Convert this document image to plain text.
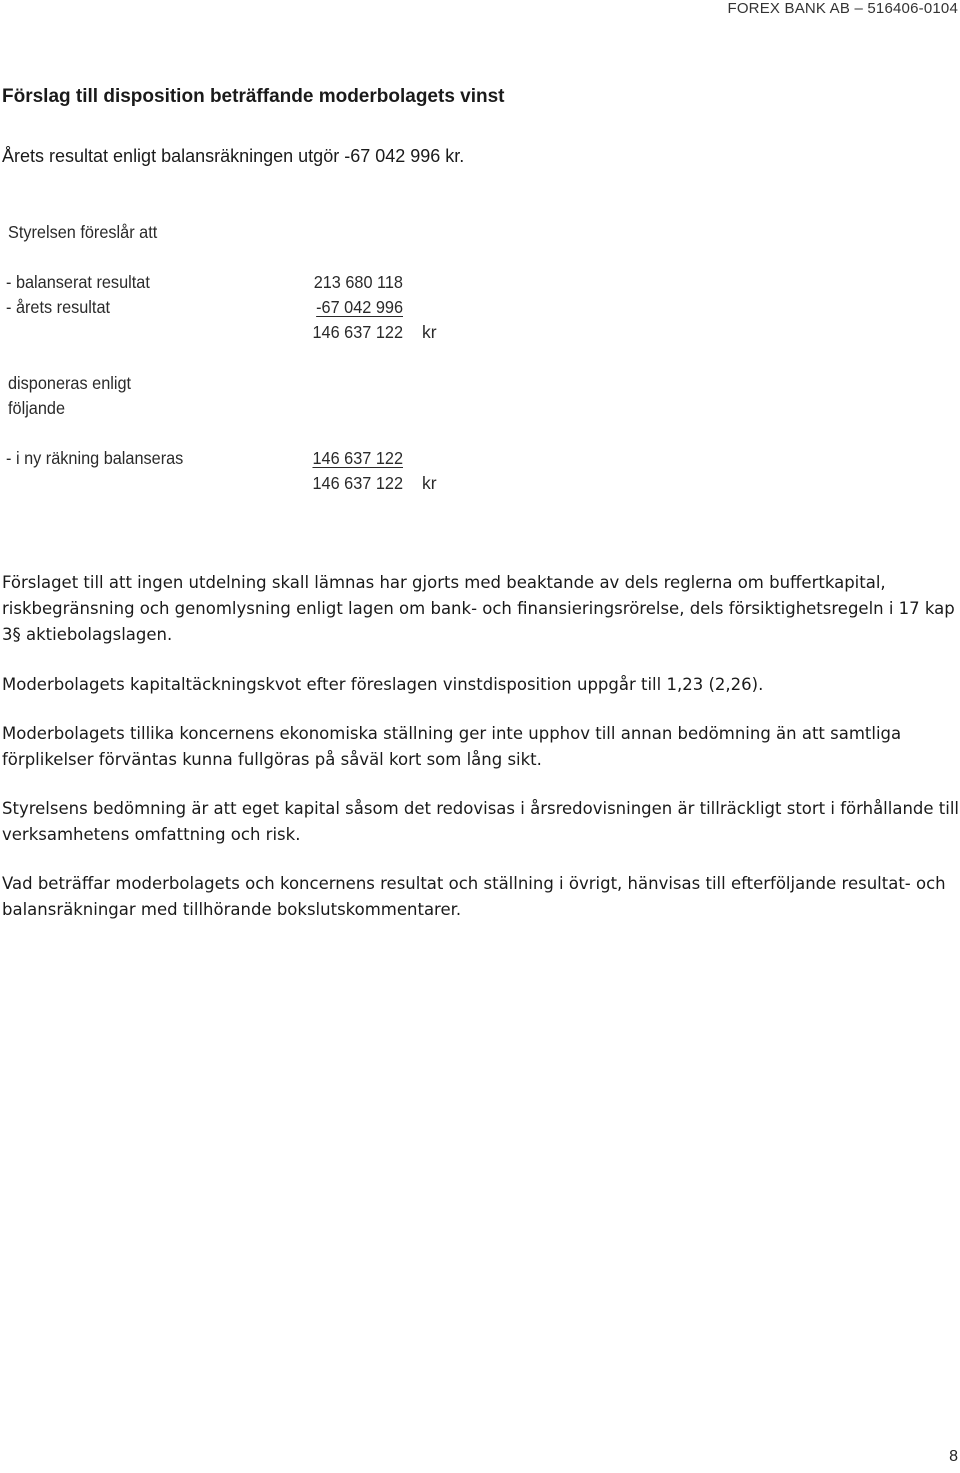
FOREX BANK AB – 516406-0104
Förslag till disposition beträffande moderbolagets vinst
Årets resultat enligt balansräkningen utgör -67 042 996 kr.
Styrelsen föreslår att
- balanserat resultat	213 680 118
- årets resultat	-67 042 996
146 637 122 kr
disponeras enligt
följande
- i ny räkning balanseras	146 637 122
146 637 122 kr

Förslaget till att ingen utdelning skall lämnas har gjorts med beaktande av dels reglerna om buffertkapital,
riskbegränsning och genomlysning enligt lagen om bank- och finansieringsrörelse, dels försiktighetsregeln i 17 kap
3§ aktiebolagslagen.

Moderbolagets kapitaltäckningskvot efter föreslagen vinstdisposition uppgår till 1,23 (2,26).

Moderbolagets tillika koncernens ekonomiska ställning ger inte upphov till annan bedömning än att samtliga
förplikelser förväntas kunna fullgöras på såväl kort som lång sikt.

Styrelsens bedömning är att eget kapital såsom det redovisas i årsredovisningen är tillräckligt stort i förhållande till
verksamhetens omfattning och risk.

Vad beträffar moderbolagets och koncernens resultat och ställning i övrigt, hänvisas till efterföljande resultat- och
balansräkningar med tillhörande bokslutskommentarer.

8
